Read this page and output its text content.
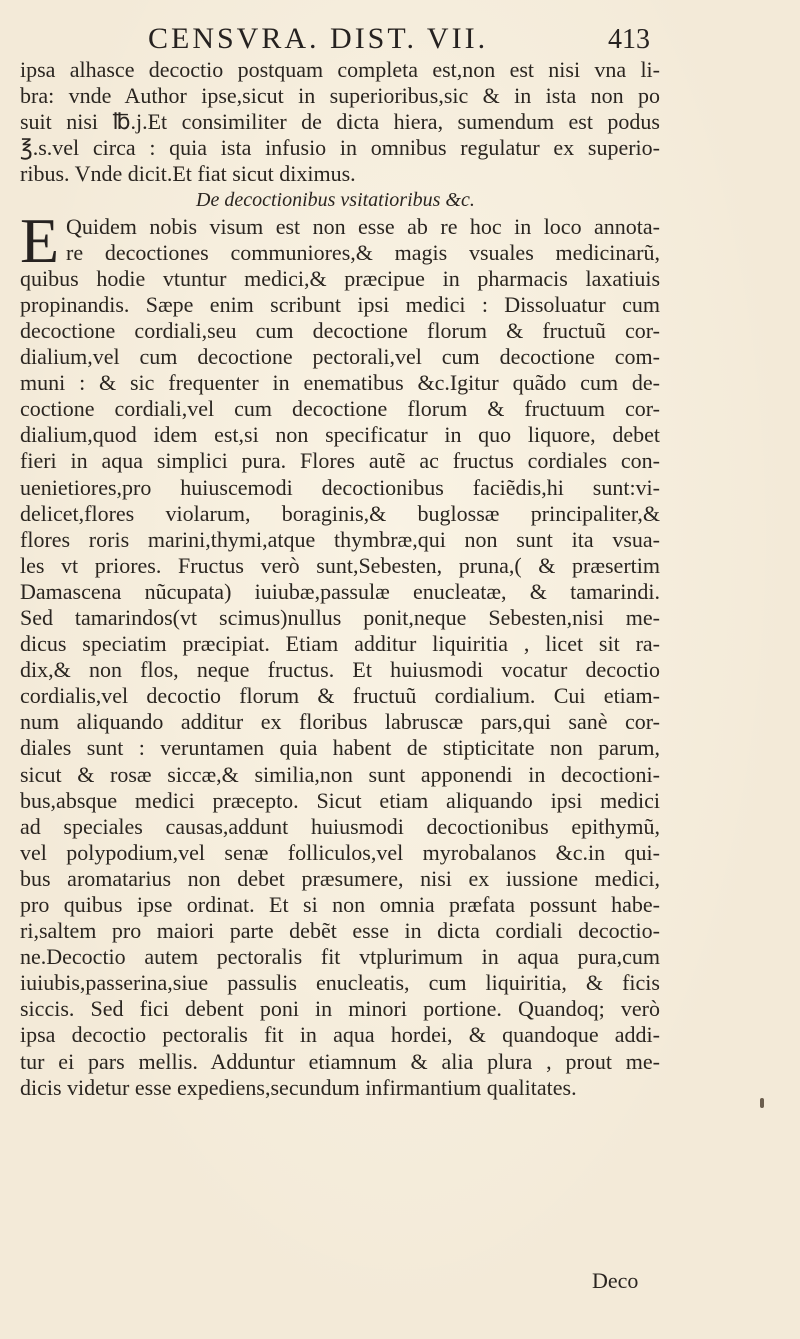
CENSVRA. DIST. VII.	413
ipsa alhasce decoctio postquam completa est,non est nisi vna li-
bra: vnde Author ipse,sicut in superioribus,sic & in ista non po
suit nisi ℔.j.Et consimiliter de dicta hiera, sumendum est podus
℥.s.vel circa : quia ista infusio in omnibus regulatur ex superio-
ribus. Vnde dicit.Et fiat sicut diximus.
De decoctionibus vsitatioribus &c.
E Quidem nobis visum est non esse ab re hoc in loco annota-
re decoctiones communiores,& magis vsuales medicinarũ,
quibus hodie vtuntur medici,& præcipue in pharmacis laxatiuis
propinandis. Sæpe enim scribunt ipsi medici : Dissoluatur cum
decoctione cordiali,seu cum decoctione florum & fructuũ cor-
dialium,vel cum decoctione pectorali,vel cum decoctione com-
muni : & sic frequenter in enematibus &c.Igitur quãdo cum de-
coctione cordiali,vel cum decoctione florum & fructuum cor-
dialium,quod idem est,si non specificatur in quo liquore, debet
fieri in aqua simplici pura. Flores autẽ ac fructus cordiales con-
uenietiores,pro huiuscemodi decoctionibus faciẽdis,hi sunt:vi-
delicet,flores violarum, boraginis,& buglossæ principaliter,&
flores roris marini,thymi,atque thymbræ,qui non sunt ita vsua-
les vt priores. Fructus verò sunt,Sebesten, pruna,( & præsertim
Damascena nũcupata) iuiubæ,passulæ enucleatæ, & tamarindi.
Sed tamarindos(vt scimus)nullus ponit,neque Sebesten,nisi me-
dicus speciatim præcipiat. Etiam additur liquiritia , licet sit ra-
dix,& non flos, neque fructus. Et huiusmodi vocatur decoctio
cordialis,vel decoctio florum & fructuũ cordialium. Cui etiam-
num aliquando additur ex floribus labruscæ pars,qui sanè cor-
diales sunt : veruntamen quia habent de stipticitate non parum,
sicut & rosæ siccæ,& similia,non sunt apponendi in decoctioni-
bus,absque medici præcepto. Sicut etiam aliquando ipsi medici
ad speciales causas,addunt huiusmodi decoctionibus epithymũ,
vel polypodium,vel senæ folliculos,vel myrobalanos &c.in qui-
bus aromatarius non debet præsumere, nisi ex iussione medici,
pro quibus ipse ordinat. Et si non omnia præfata possunt habe-
ri,saltem pro maiori parte debẽt esse in dicta cordiali decoctio-
ne.Decoctio autem pectoralis fit vtplurimum in aqua pura,cum
iuiubis,passerina,siue passulis enucleatis, cum liquiritia, & ficis
siccis. Sed fici debent poni in minori portione. Quandoq; verò
ipsa decoctio pectoralis fit in aqua hordei, & quandoque addi-
tur ei pars mellis. Adduntur etiamnum & alia plura , prout me-
dicis videtur esse expediens,secundum infirmantium qualitates.
Deco
